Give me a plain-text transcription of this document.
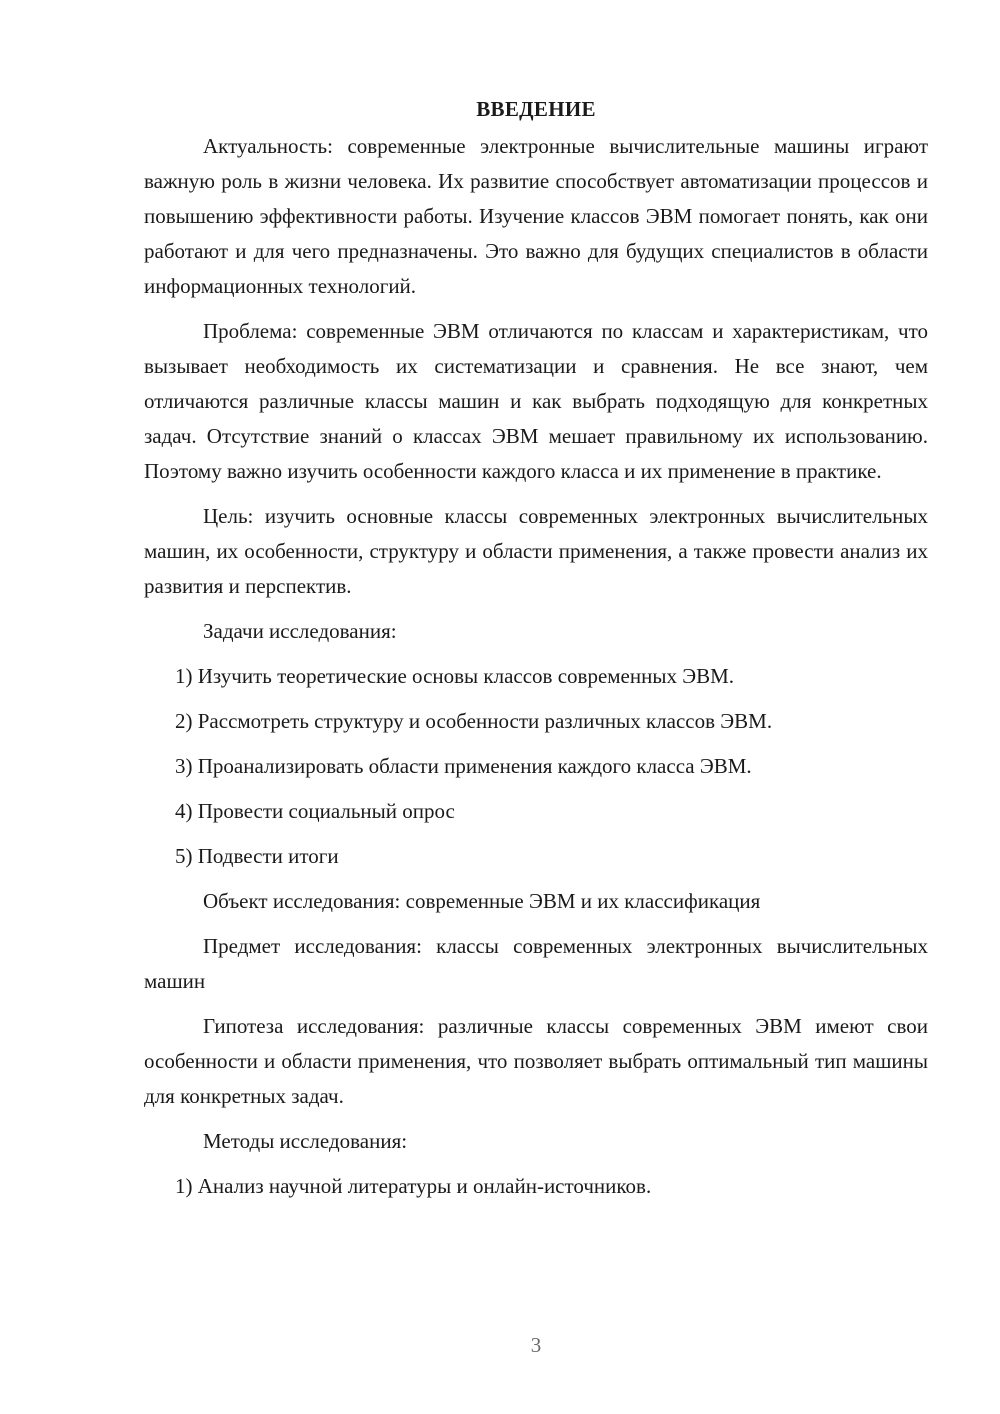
ВВЕДЕНИЕ

Актуальность: современные электронные вычислительные машины играют важную роль в жизни человека. Их развитие способствует автоматизации процессов и повышению эффективности работы. Изучение классов ЭВМ помогает понять, как они работают и для чего предназначены. Это важно для будущих специалистов в области информационных технологий.

Проблема: современные ЭВМ отличаются по классам и характеристикам, что вызывает необходимость их систематизации и сравнения. Не все знают, чем отличаются различные классы машин и как выбрать подходящую для конкретных задач. Отсутствие знаний о классах ЭВМ мешает правильному их использованию. Поэтому важно изучить особенности каждого класса и их применение в практике.

Цель: изучить основные классы современных электронных вычислительных машин, их особенности, структуру и области применения, а также провести анализ их развития и перспектив.

Задачи исследования:

1) Изучить теоретические основы классов современных ЭВМ.

2) Рассмотреть структуру и особенности различных классов ЭВМ.

3) Проанализировать области применения каждого класса ЭВМ.

4) Провести социальный опрос

5) Подвести итоги

Объект исследования: современные ЭВМ и их классификация

Предмет исследования: классы современных электронных вычислительных машин

Гипотеза исследования: различные классы современных ЭВМ имеют свои особенности и области применения, что позволяет выбрать оптимальный тип машины для конкретных задач.

Методы исследования:

1) Анализ научной литературы и онлайн-источников.

3
